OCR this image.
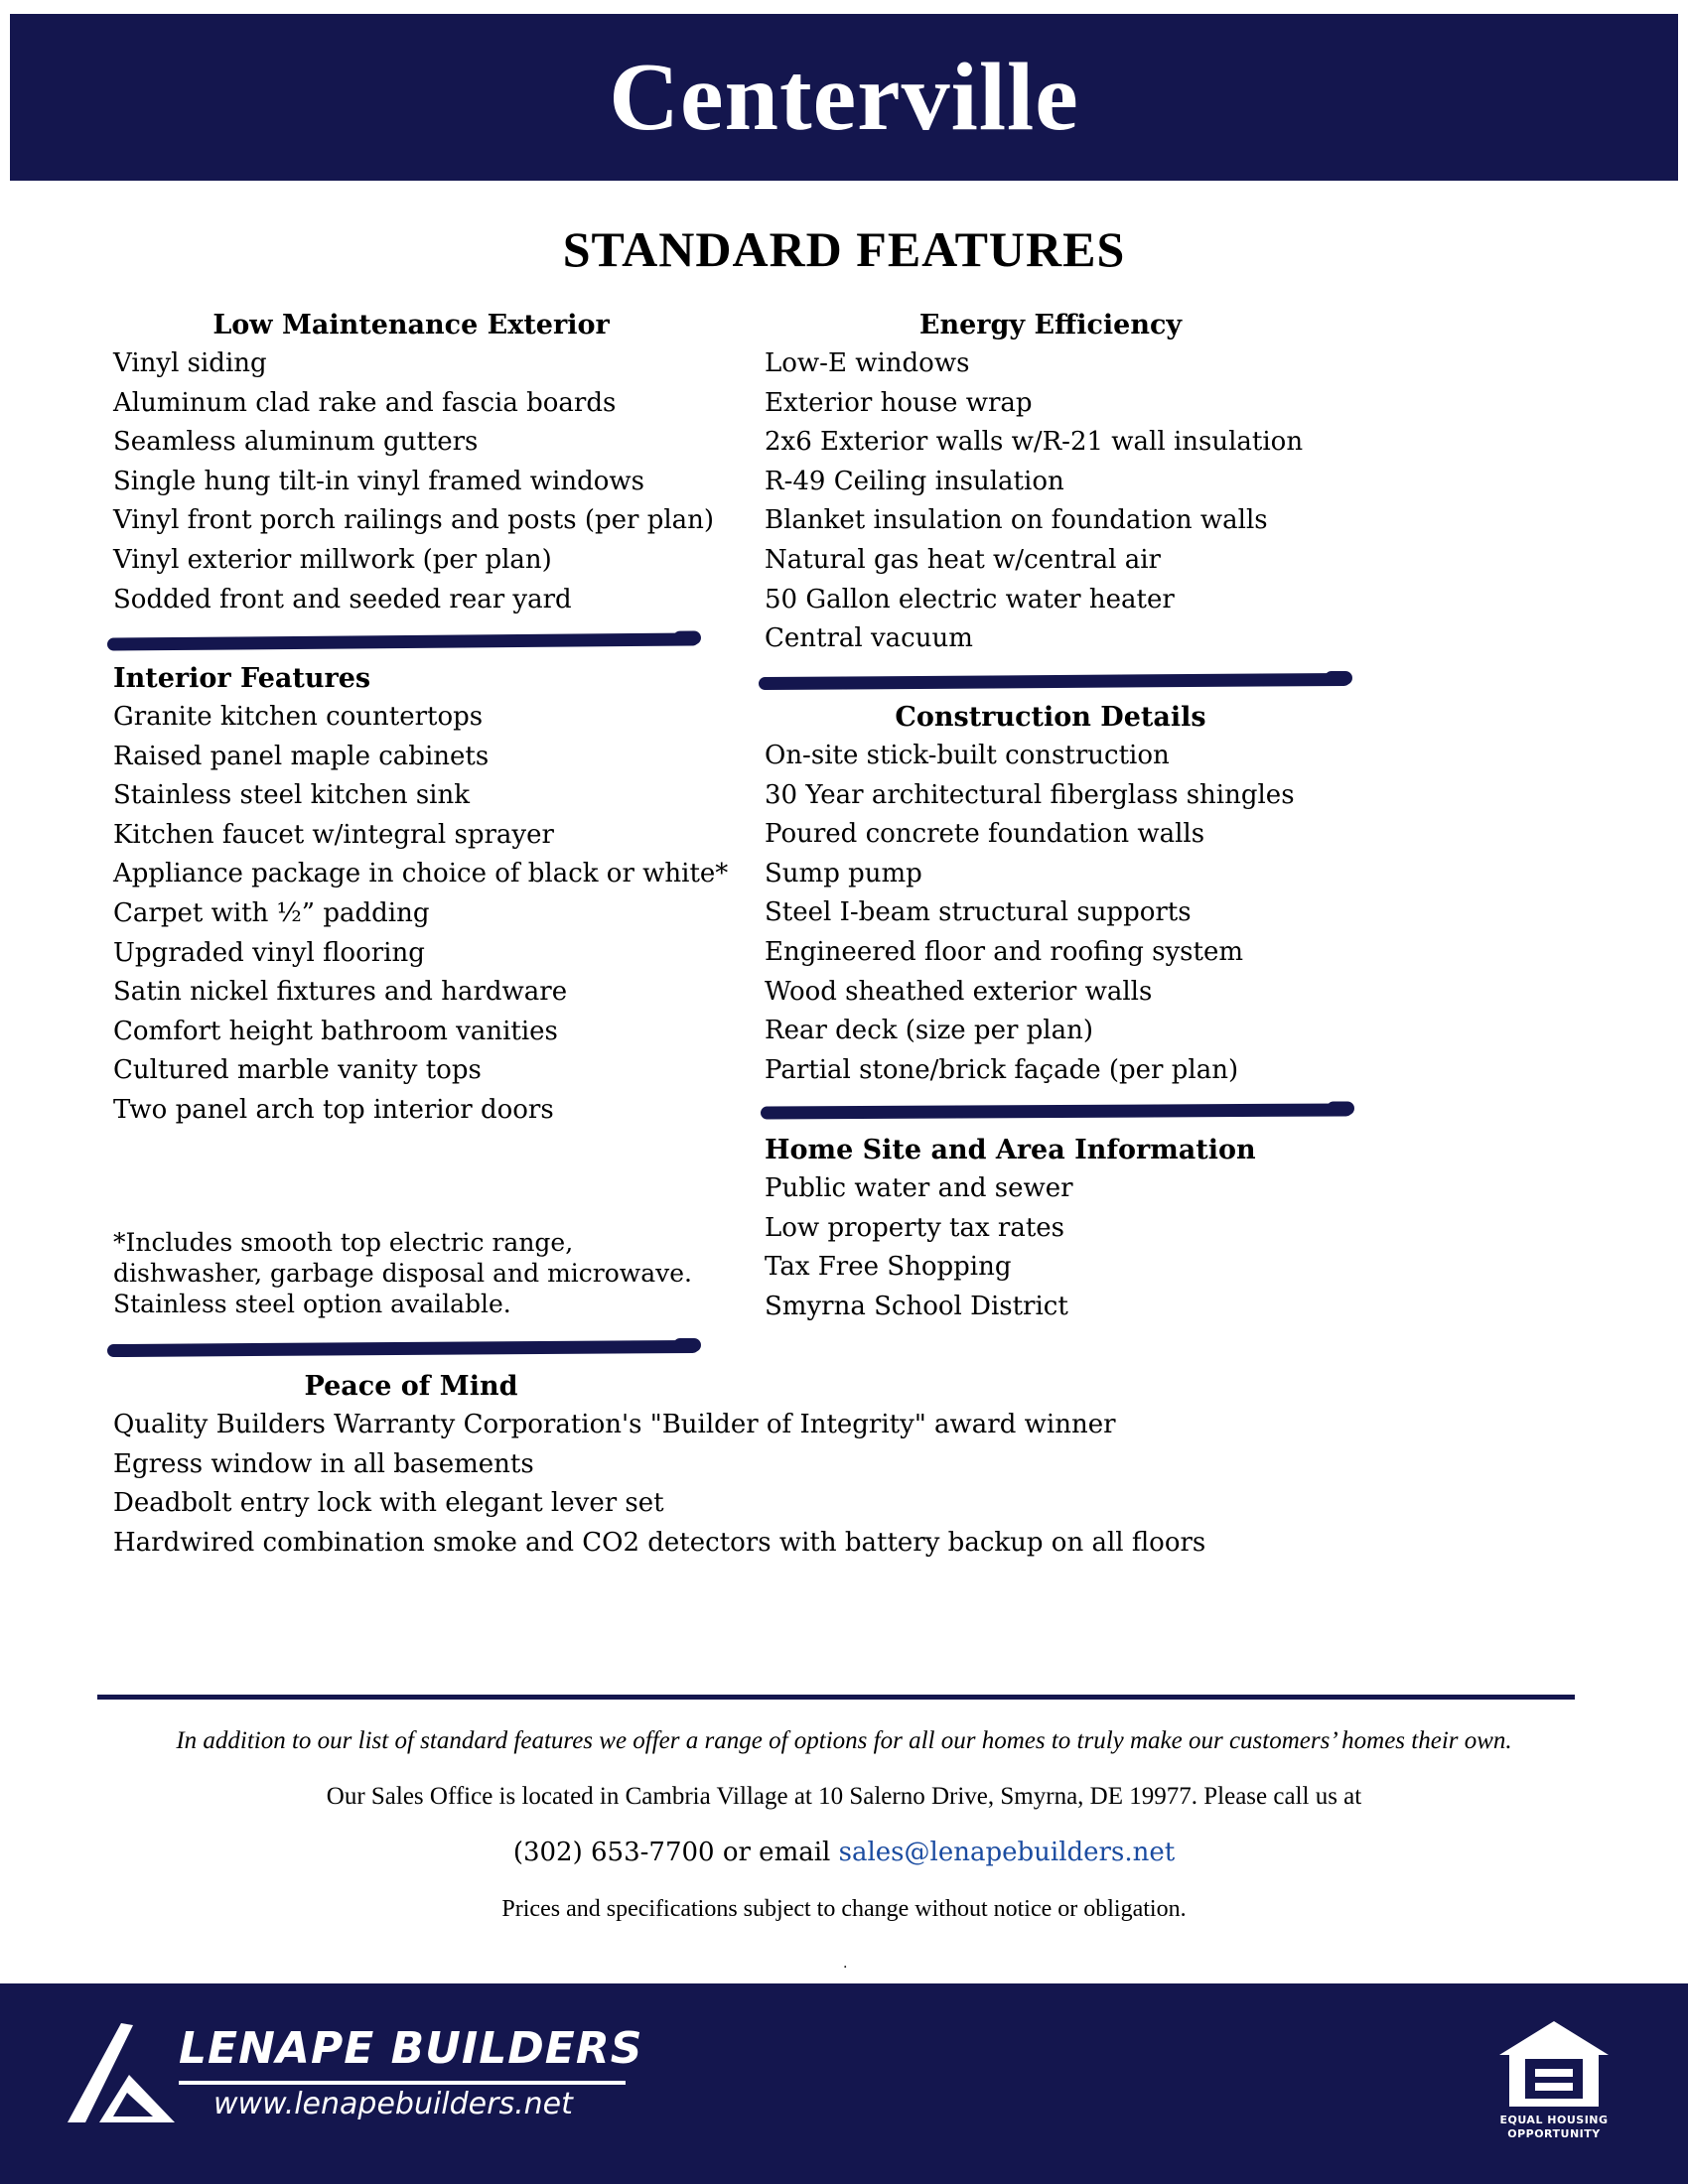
Centerville
STANDARD FEATURES
Low Maintenance Exterior
Vinyl siding
Aluminum clad rake and fascia boards
Seamless aluminum gutters
Single hung tilt-in vinyl framed windows
Vinyl front porch railings and posts (per plan)
Vinyl exterior millwork (per plan)
Sodded front and seeded rear yard
Interior Features
Granite kitchen countertops
Raised panel maple cabinets
Stainless steel kitchen sink
Kitchen faucet w/integral sprayer
Appliance package in choice of black or white*
Carpet with ½” padding
Upgraded vinyl flooring
Satin nickel fixtures and hardware
Comfort height bathroom vanities
Cultured marble vanity tops
Two panel arch top interior doors
*Includes smooth top electric range, dishwasher, garbage disposal and microwave. Stainless steel option available.
Energy Efficiency
Low-E windows
Exterior house wrap
2x6 Exterior walls w/R-21 wall insulation
R-49 Ceiling insulation
Blanket insulation on foundation walls
Natural gas heat w/central air
50 Gallon electric water heater
Central vacuum
Construction Details
On-site stick-built construction
30 Year architectural fiberglass shingles
Poured concrete foundation walls
Sump pump
Steel I-beam structural supports
Engineered floor and roofing system
Wood sheathed exterior walls
Rear deck (size per plan)
Partial stone/brick façade (per plan)
Home Site and Area Information
Public water and sewer
Low property tax rates
Tax Free Shopping
Smyrna School District
Peace of Mind
Quality Builders Warranty Corporation's "Builder of Integrity" award winner
Egress window in all basements
Deadbolt entry lock with elegant lever set
Hardwired combination smoke and CO2 detectors with battery backup on all floors

In addition to our list of standard features we offer a range of options for all our homes to truly make our customers’ homes their own.

Our Sales Office is located in Cambria Village at 10 Salerno Drive, Smyrna, DE 19977. Please call us at

(302) 653-7700 or email sales@lenapebuilders.net

Prices and specifications subject to change without notice or obligation.

.
LENAPE BUILDERS
www.lenapebuilders.net	EQUAL HOUSING
OPPORTUNITY
